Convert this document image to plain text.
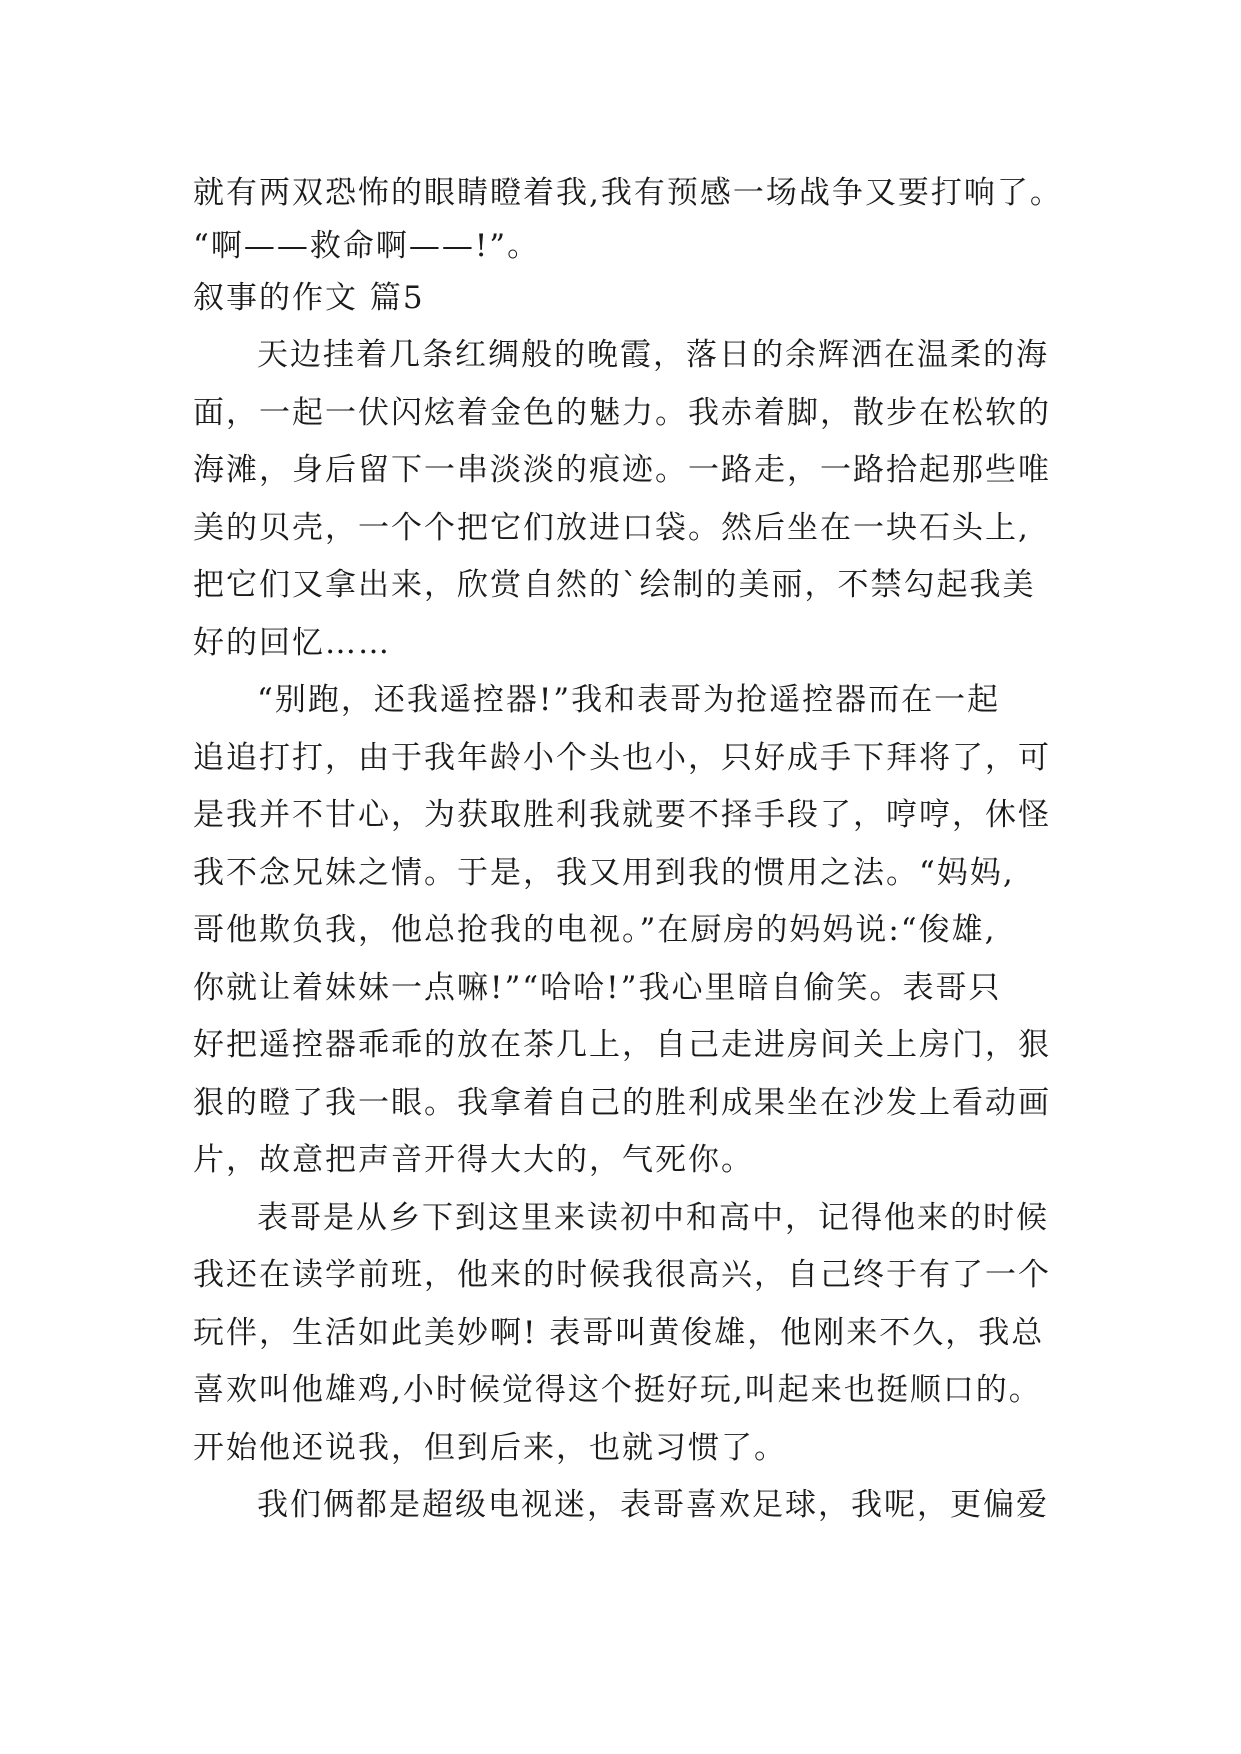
就有两双恐怖的眼睛瞪着我,我有预感一场战争又要打响了。
“啊——救命啊——!”。
叙事的作文 篇5
天边挂着几条红绸般的晚霞，落日的余辉洒在温柔的海
面，一起一伏闪炫着金色的魅力。我赤着脚，散步在松软的
海滩，身后留下一串淡淡的痕迹。一路走，一路拾起那些唯
美的贝壳，一个个把它们放进口袋。然后坐在一块石头上,
把它们又拿出来，欣赏自然的`绘制的美丽，不禁勾起我美
好的回忆……
“别跑，还我遥控器!”我和表哥为抢遥控器而在一起
追追打打，由于我年龄小个头也小，只好成手下拜将了，可
是我并不甘心，为获取胜利我就要不择手段了，哼哼，休怪
我不念兄妹之情。于是，我又用到我的惯用之法。“妈妈,
哥他欺负我，他总抢我的电视。”在厨房的妈妈说:“俊雄,
你就让着妹妹一点嘛!”“哈哈!”我心里暗自偷笑。表哥只
好把遥控器乖乖的放在茶几上，自己走进房间关上房门，狠
狠的瞪了我一眼。我拿着自己的胜利成果坐在沙发上看动画
片，故意把声音开得大大的，气死你。
表哥是从乡下到这里来读初中和高中，记得他来的时候
我还在读学前班，他来的时候我很高兴，自己终于有了一个
玩伴，生活如此美妙啊! 表哥叫黄俊雄，他刚来不久，我总
喜欢叫他雄鸡,小时候觉得这个挺好玩,叫起来也挺顺口的。
开始他还说我，但到后来，也就习惯了。
我们俩都是超级电视迷，表哥喜欢足球，我呢，更偏爱
